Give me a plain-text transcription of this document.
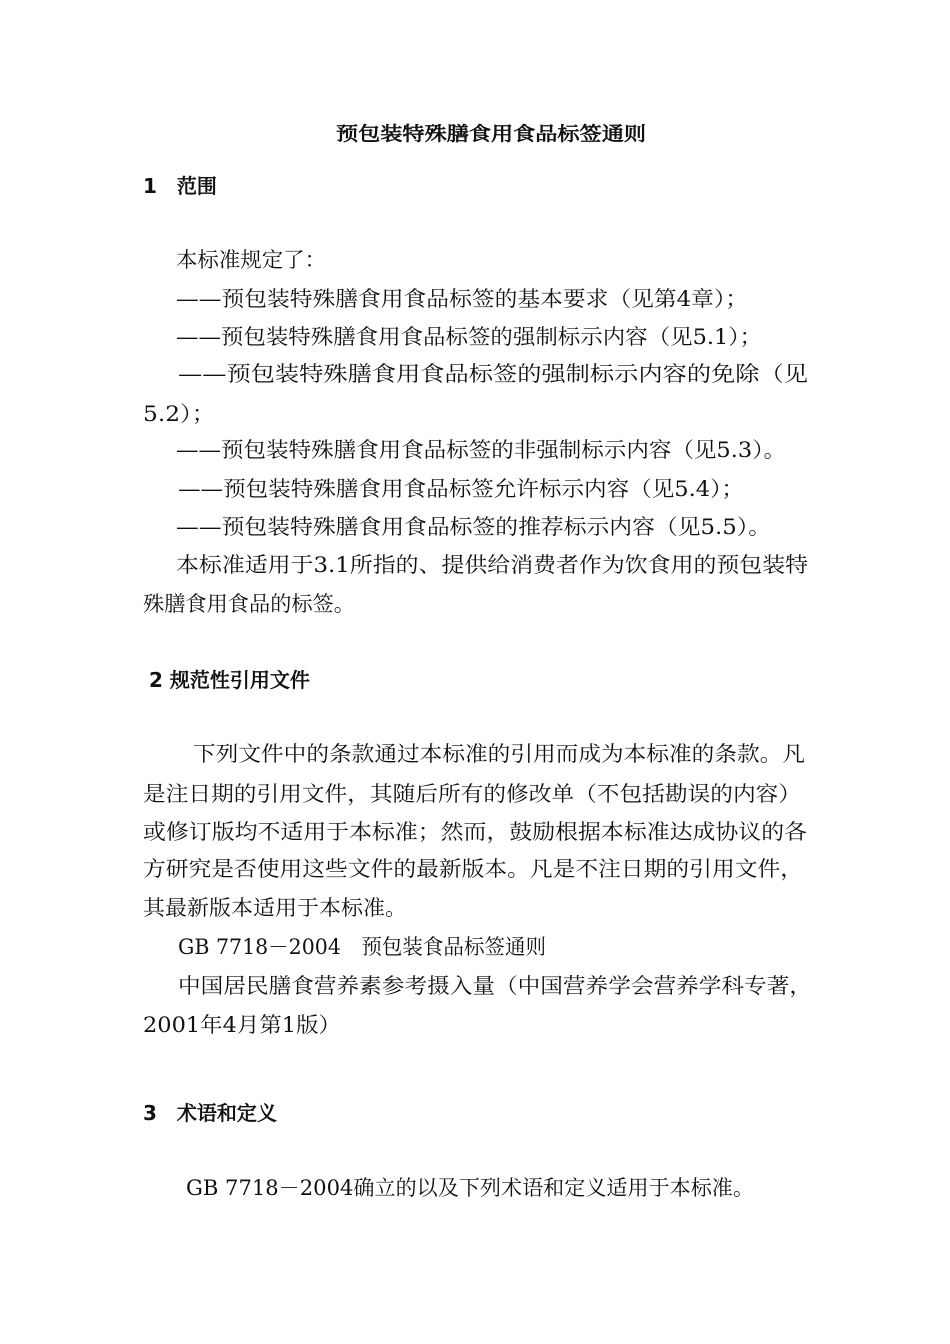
预包装特殊膳食用食品标签通则
1　范围

本标准规定了：

——预包装特殊膳食用食品标签的基本要求（见第4章）；

——预包装特殊膳食用食品标签的强制标示内容（见5.1）；

——预包装特殊膳食用食品标签的强制标示内容的免除（见

5.2）；

——预包装特殊膳食用食品标签的非强制标示内容（见5.3）。

——预包装特殊膳食用食品标签允许标示内容（见5.4）；

——预包装特殊膳食用食品标签的推荐标示内容（见5.5）。

本标准适用于3.1所指的、提供给消费者作为饮食用的预包装特

殊膳食用食品的标签。

2 规范性引用文件

下列文件中的条款通过本标准的引用而成为本标准的条款。凡

是注日期的引用文件，其随后所有的修改单（不包括勘误的内容）

或修订版均不适用于本标准；然而，鼓励根据本标准达成协议的各

方研究是否使用这些文件的最新版本。凡是不注日期的引用文件，

其最新版本适用于本标准。

GB 7718－2004　预包装食品标签通则

中国居民膳食营养素参考摄入量（中国营养学会营养学科专著，

2001年4月第1版）

3　术语和定义

GB 7718－2004确立的以及下列术语和定义适用于本标准。
